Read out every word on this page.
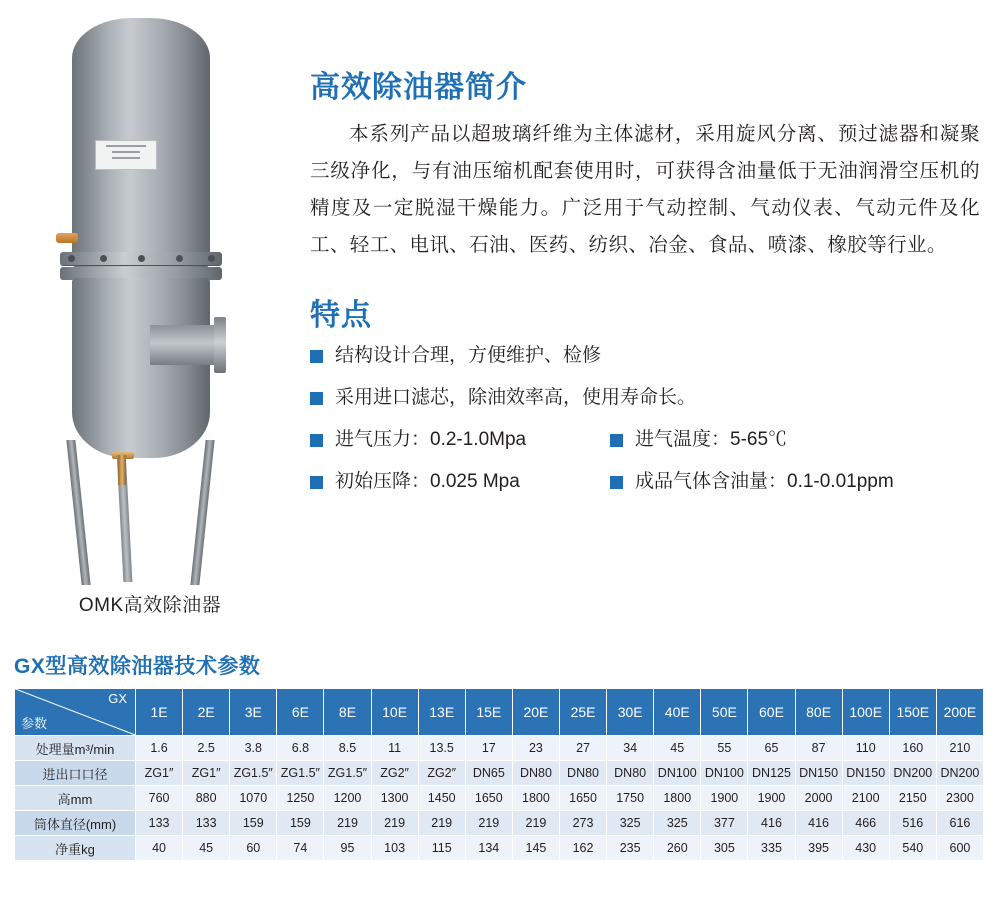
OMK高效除油器
高效除油器简介

本系列产品以超玻璃纤维为主体滤材，采用旋风分离、预过滤器和凝聚三级净化，与有油压缩机配套使用时，可获得含油量低于无油润滑空压机的精度及一定脱湿干燥能力。广泛用于气动控制、气动仪表、气动元件及化工、轻工、电讯、石油、医药、纺织、冶金、食品、喷漆、橡胶等行业。

特点
结构设计合理，方便维护、检修
采用进口滤芯，除油效率高，使用寿命长。
进气压力：0.2-1.0Mpa	进气温度：5-65℃
初始压降：0.025 Mpa	成品气体含油量：0.1-0.01ppm
GX型高效除油器技术参数
GX
参数	1E	2E	3E	6E	8E	10E	13E	15E	20E	25E	30E	40E	50E	60E	80E	100E	150E	200E
处理量m³/min	1.6	2.5	3.8	6.8	8.5	11	13.5	17	23	27	34	45	55	65	87	110	160	210
进出口口径	ZG1″	ZG1″	ZG1.5″	ZG1.5″	ZG1.5″	ZG2″	ZG2″	DN65	DN80	DN80	DN80	DN100	DN100	DN125	DN150	DN150	DN200	DN200
高mm	760	880	1070	1250	1200	1300	1450	1650	1800	1650	1750	1800	1900	1900	2000	2100	2150	2300
筒体直径(mm)	133	133	159	159	219	219	219	219	219	273	325	325	377	416	416	466	516	616
净重kg	40	45	60	74	95	103	115	134	145	162	235	260	305	335	395	430	540	600
